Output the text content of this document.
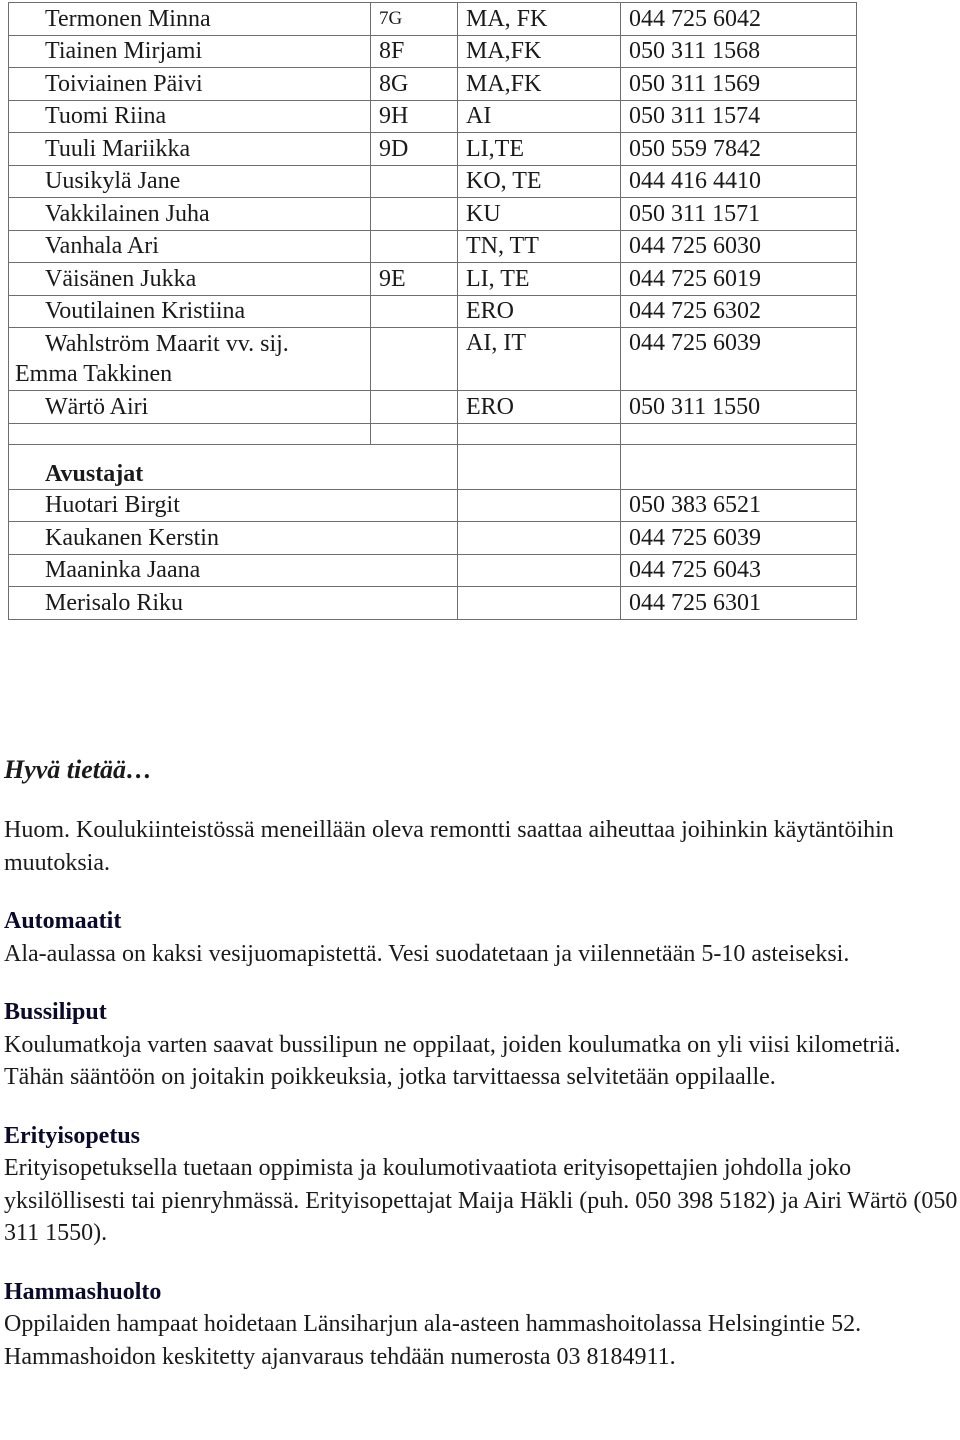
Termonen Minna	7G	MA, FK	044 725 6042
Tiainen Mirjami	8F	MA,FK	050 311 1568
Toiviainen Päivi	8G	MA,FK	050 311 1569
Tuomi Riina	9H	AI	050 311 1574
Tuuli Mariikka	9D	LI,TE	050 559 7842
Uusikylä Jane		KO, TE	044 416 4410
Vakkilainen Juha		KU	050 311 1571
Vanhala Ari		TN, TT	044 725 6030
Väisänen Jukka	9E	LI, TE	044 725 6019
Voutilainen Kristiina		ERO	044 725 6302

Wahlström Maarit vv. sij.
Emma Takkinen		AI, IT	044 725 6039
Wärtö Airi		ERO	050 311 1550

Avustajat			
Huotari Birgit			050 383 6521
Kaukanen Kerstin			044 725 6039
Maaninka Jaana			044 725 6043
Merisalo Riku			044 725 6301
Hyvä tietää…

Huom. Koulukiinteistössä meneillään oleva remontti saattaa aiheuttaa joihinkin käytäntöihin muutoksia.

Automaatit
Ala-aulassa on kaksi vesijuomapistettä. Vesi suodatetaan ja viilennetään 5-10 asteiseksi.

Bussiliput
Koulumatkoja varten saavat bussilipun ne oppilaat, joiden koulumatka on yli viisi kilometriä. Tähän sääntöön on joitakin poikkeuksia, jotka tarvittaessa selvitetään oppilaalle.

Erityisopetus
Erityisopetuksella tuetaan oppimista ja koulumotivaatiota erityisopettajien johdolla joko yksilöllisesti tai pienryhmässä. Erityisopettajat Maija Häkli (puh. 050 398 5182) ja Airi Wärtö (050 311 1550).

Hammashuolto
Oppilaiden hampaat hoidetaan Länsiharjun ala-asteen hammashoitolassa Helsingintie 52. Hammashoidon keskitetty ajanvaraus tehdään numerosta 03 8184911.
